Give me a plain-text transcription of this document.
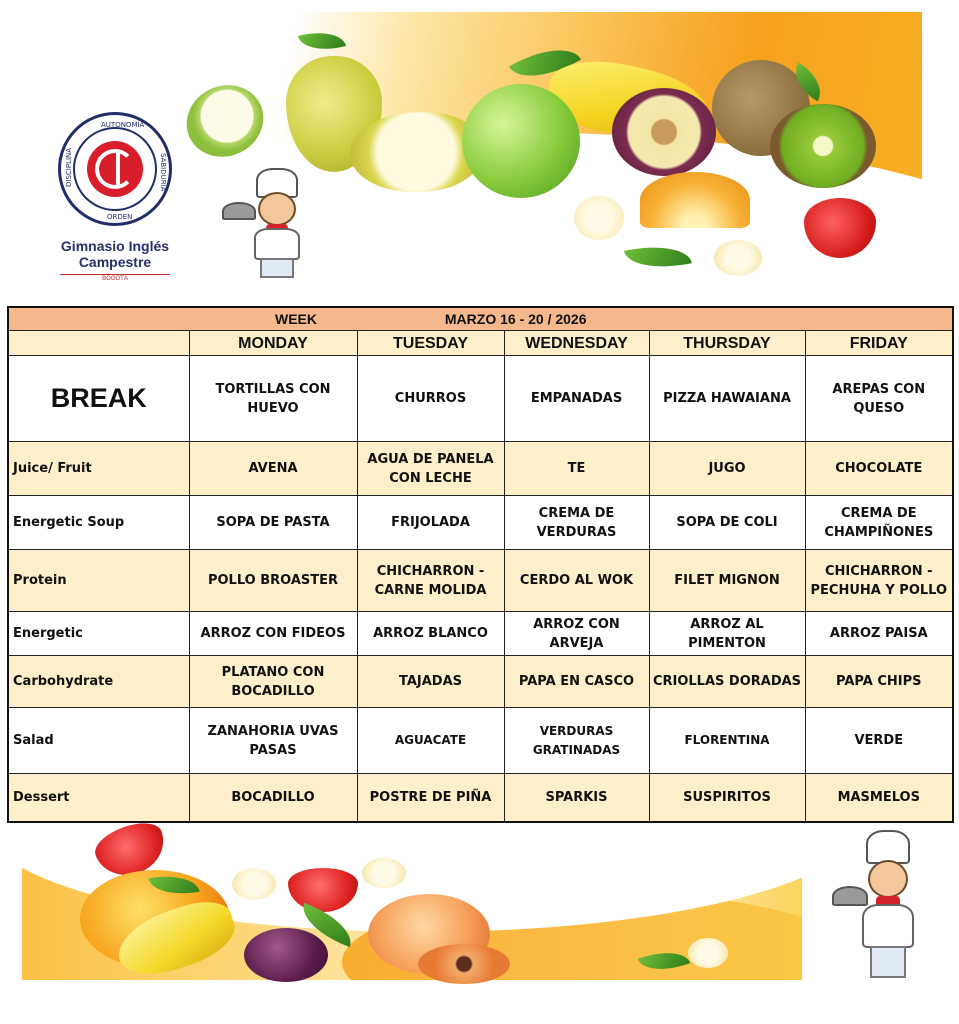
AUTONOMÍA
ORDEN
DISCIPLINA	SABIDURÍA
Gimnasio Inglés Campestre
BOGOTÁ
WEEK MARZO 16 - 20 / 2026					
	MONDAY	TUESDAY	WEDNESDAY	THURSDAY	FRIDAY
BREAK	TORTILLAS CON HUEVO	CHURROS	EMPANADAS	PIZZA HAWAIANA	AREPAS CON QUESO
Juice/ Fruit	AVENA	AGUA DE PANELA CON LECHE	TE	JUGO	CHOCOLATE
Energetic Soup	SOPA DE PASTA	FRIJOLADA	CREMA DE VERDURAS	SOPA DE COLI	CREMA DE CHAMPIÑONES
Protein	POLLO BROASTER	CHICHARRON - CARNE MOLIDA	CERDO AL WOK	FILET MIGNON	CHICHARRON - PECHUHA Y POLLO
Energetic	ARROZ CON FIDEOS	ARROZ BLANCO	ARROZ CON ARVEJA	ARROZ AL PIMENTON	ARROZ PAISA
Carbohydrate	PLATANO CON BOCADILLO	TAJADAS	PAPA EN CASCO	CRIOLLAS DORADAS	PAPA CHIPS
Salad	ZANAHORIA UVAS PASAS	AGUACATE	VERDURAS GRATINADAS	FLORENTINA	VERDE
Dessert	BOCADILLO	POSTRE DE PIÑA	SPARKIS	SUSPIRITOS	MASMELOS
